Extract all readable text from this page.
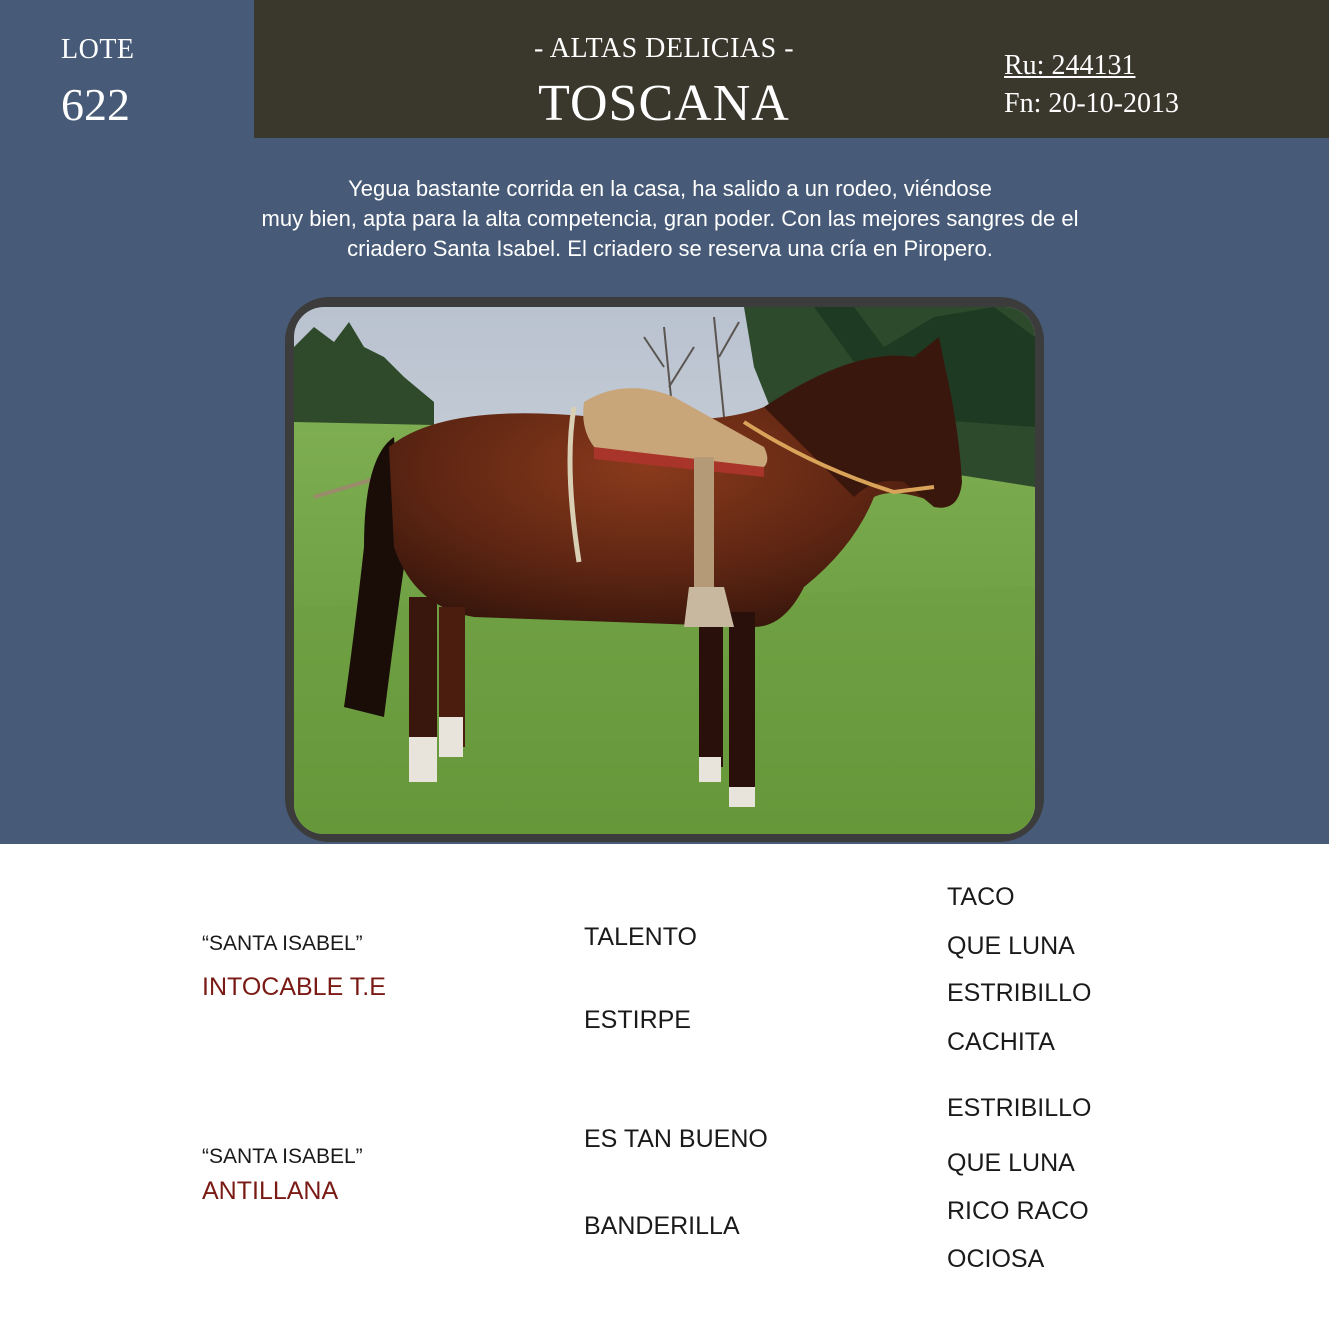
LOTE
622
- ALTAS DELICIAS -
TOSCANA
Ru: 244131
Fn: 20-10-2013
Yegua bastante corrida en la casa, ha salido a un rodeo, viéndose
muy bien, apta para la alta competencia, gran poder. Con las mejores sangres de el
criadero Santa Isabel. El criadero se reserva una cría en Piropero.
“SANTA ISABEL”
INTOCABLE T.E
TALENTO
ESTIRPE
TACO
QUE LUNA
ESTRIBILLO
CACHITA
“SANTA ISABEL”
ANTILLANA
ES TAN BUENO
BANDERILLA
ESTRIBILLO
QUE LUNA
RICO RACO
OCIOSA
